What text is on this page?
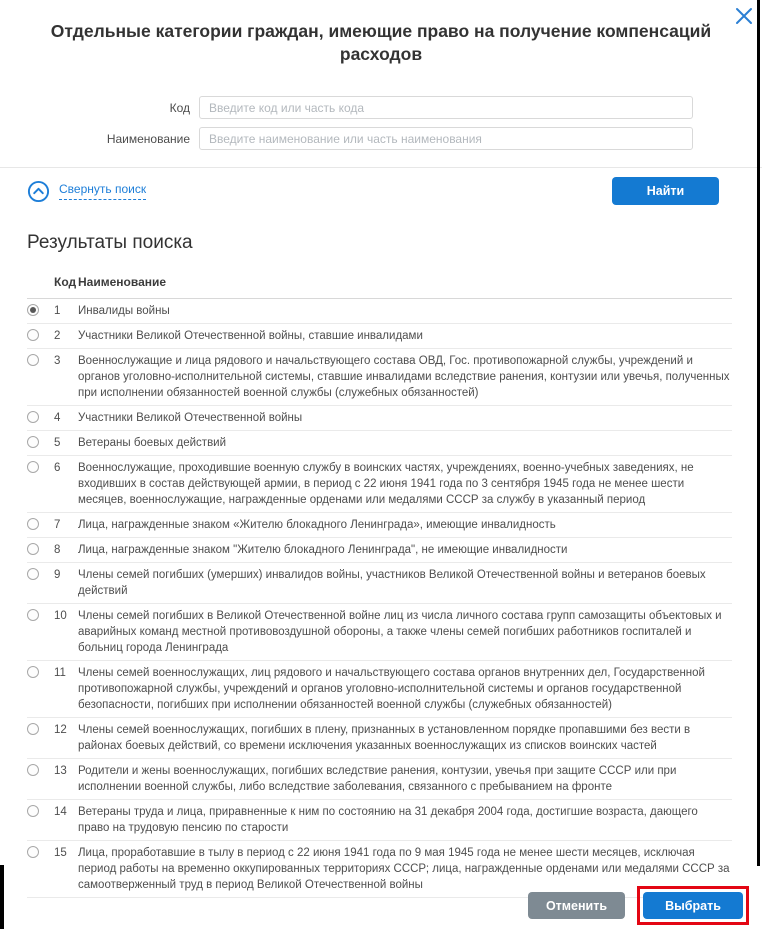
Отдельные категории граждан, имеющие право на получение компенсаций расходов
Код
Введите код или часть кода
Наименование
Введите наименование или часть наименования
Свернуть поиск	Найти
Результаты поиска
Код Наименование
1	Инвалиды войны
2	Участники Великой Отечественной войны, ставшие инвалидами
3	Военнослужащие и лица рядового и начальствующего состава ОВД, Гос. противопожарной службы, учреждений и органов уголовно-исполнительной системы, ставшие инвалидами вследствие ранения, контузии или увечья, полученных при исполнении обязанностей военной службы (служебных обязанностей)
4	Участники Великой Отечественной войны
5	Ветераны боевых действий
6	Военнослужащие, проходившие военную службу в воинских частях, учреждениях, военно-учебных заведениях, не входивших в состав действующей армии, в период с 22 июня 1941 года по 3 сентября 1945 года не менее шести месяцев, военнослужащие, награжденные орденами или медалями СССР за службу в указанный период
7	Лица, награжденные знаком «Жителю блокадного Ленинграда», имеющие инвалидность
8	Лица, награжденные знаком "Жителю блокадного Ленинграда", не имеющие инвалидности
9	Члены семей погибших (умерших) инвалидов войны, участников Великой Отечественной войны и ветеранов боевых действий
10 Члены семей погибших в Великой Отечественной войне лиц из числа личного состава групп самозащиты объектовых и аварийных команд местной противовоздушной обороны, а также члены семей погибших работников госпиталей и больниц города Ленинграда
11	Члены семей военнослужащих, лиц рядового и начальствующего состава органов внутренних дел, Государственной противопожарной службы, учреждений и органов уголовно-исполнительной системы и органов государственной безопасности, погибших при исполнении обязанностей военной службы (служебных обязанностей)
12 Члены семей военнослужащих, погибших в плену, признанных в установленном порядке пропавшими без вести в районах боевых действий, со времени исключения указанных военнослужащих из списков воинских частей
13 Родители и жены военнослужащих, погибших вследствие ранения, контузии, увечья при защите СССР или при исполнении военной службы, либо вследствие заболевания, связанного с пребыванием на фронте
14 Ветераны труда и лица, приравненные к ним по состоянию на 31 декабря 2004 года, достигшие возраста, дающего право на трудовую пенсию по старости
15 Лица, проработавшие в тылу в период с 22 июня 1941 года по 9 мая 1945 года не менее шести месяцев, исключая период работы на временно оккупированных территориях СССР; лица, награжденные орденами или медалями СССР за самоотверженный труд в период Великой Отечественной войны
Отменить	Выбрать
